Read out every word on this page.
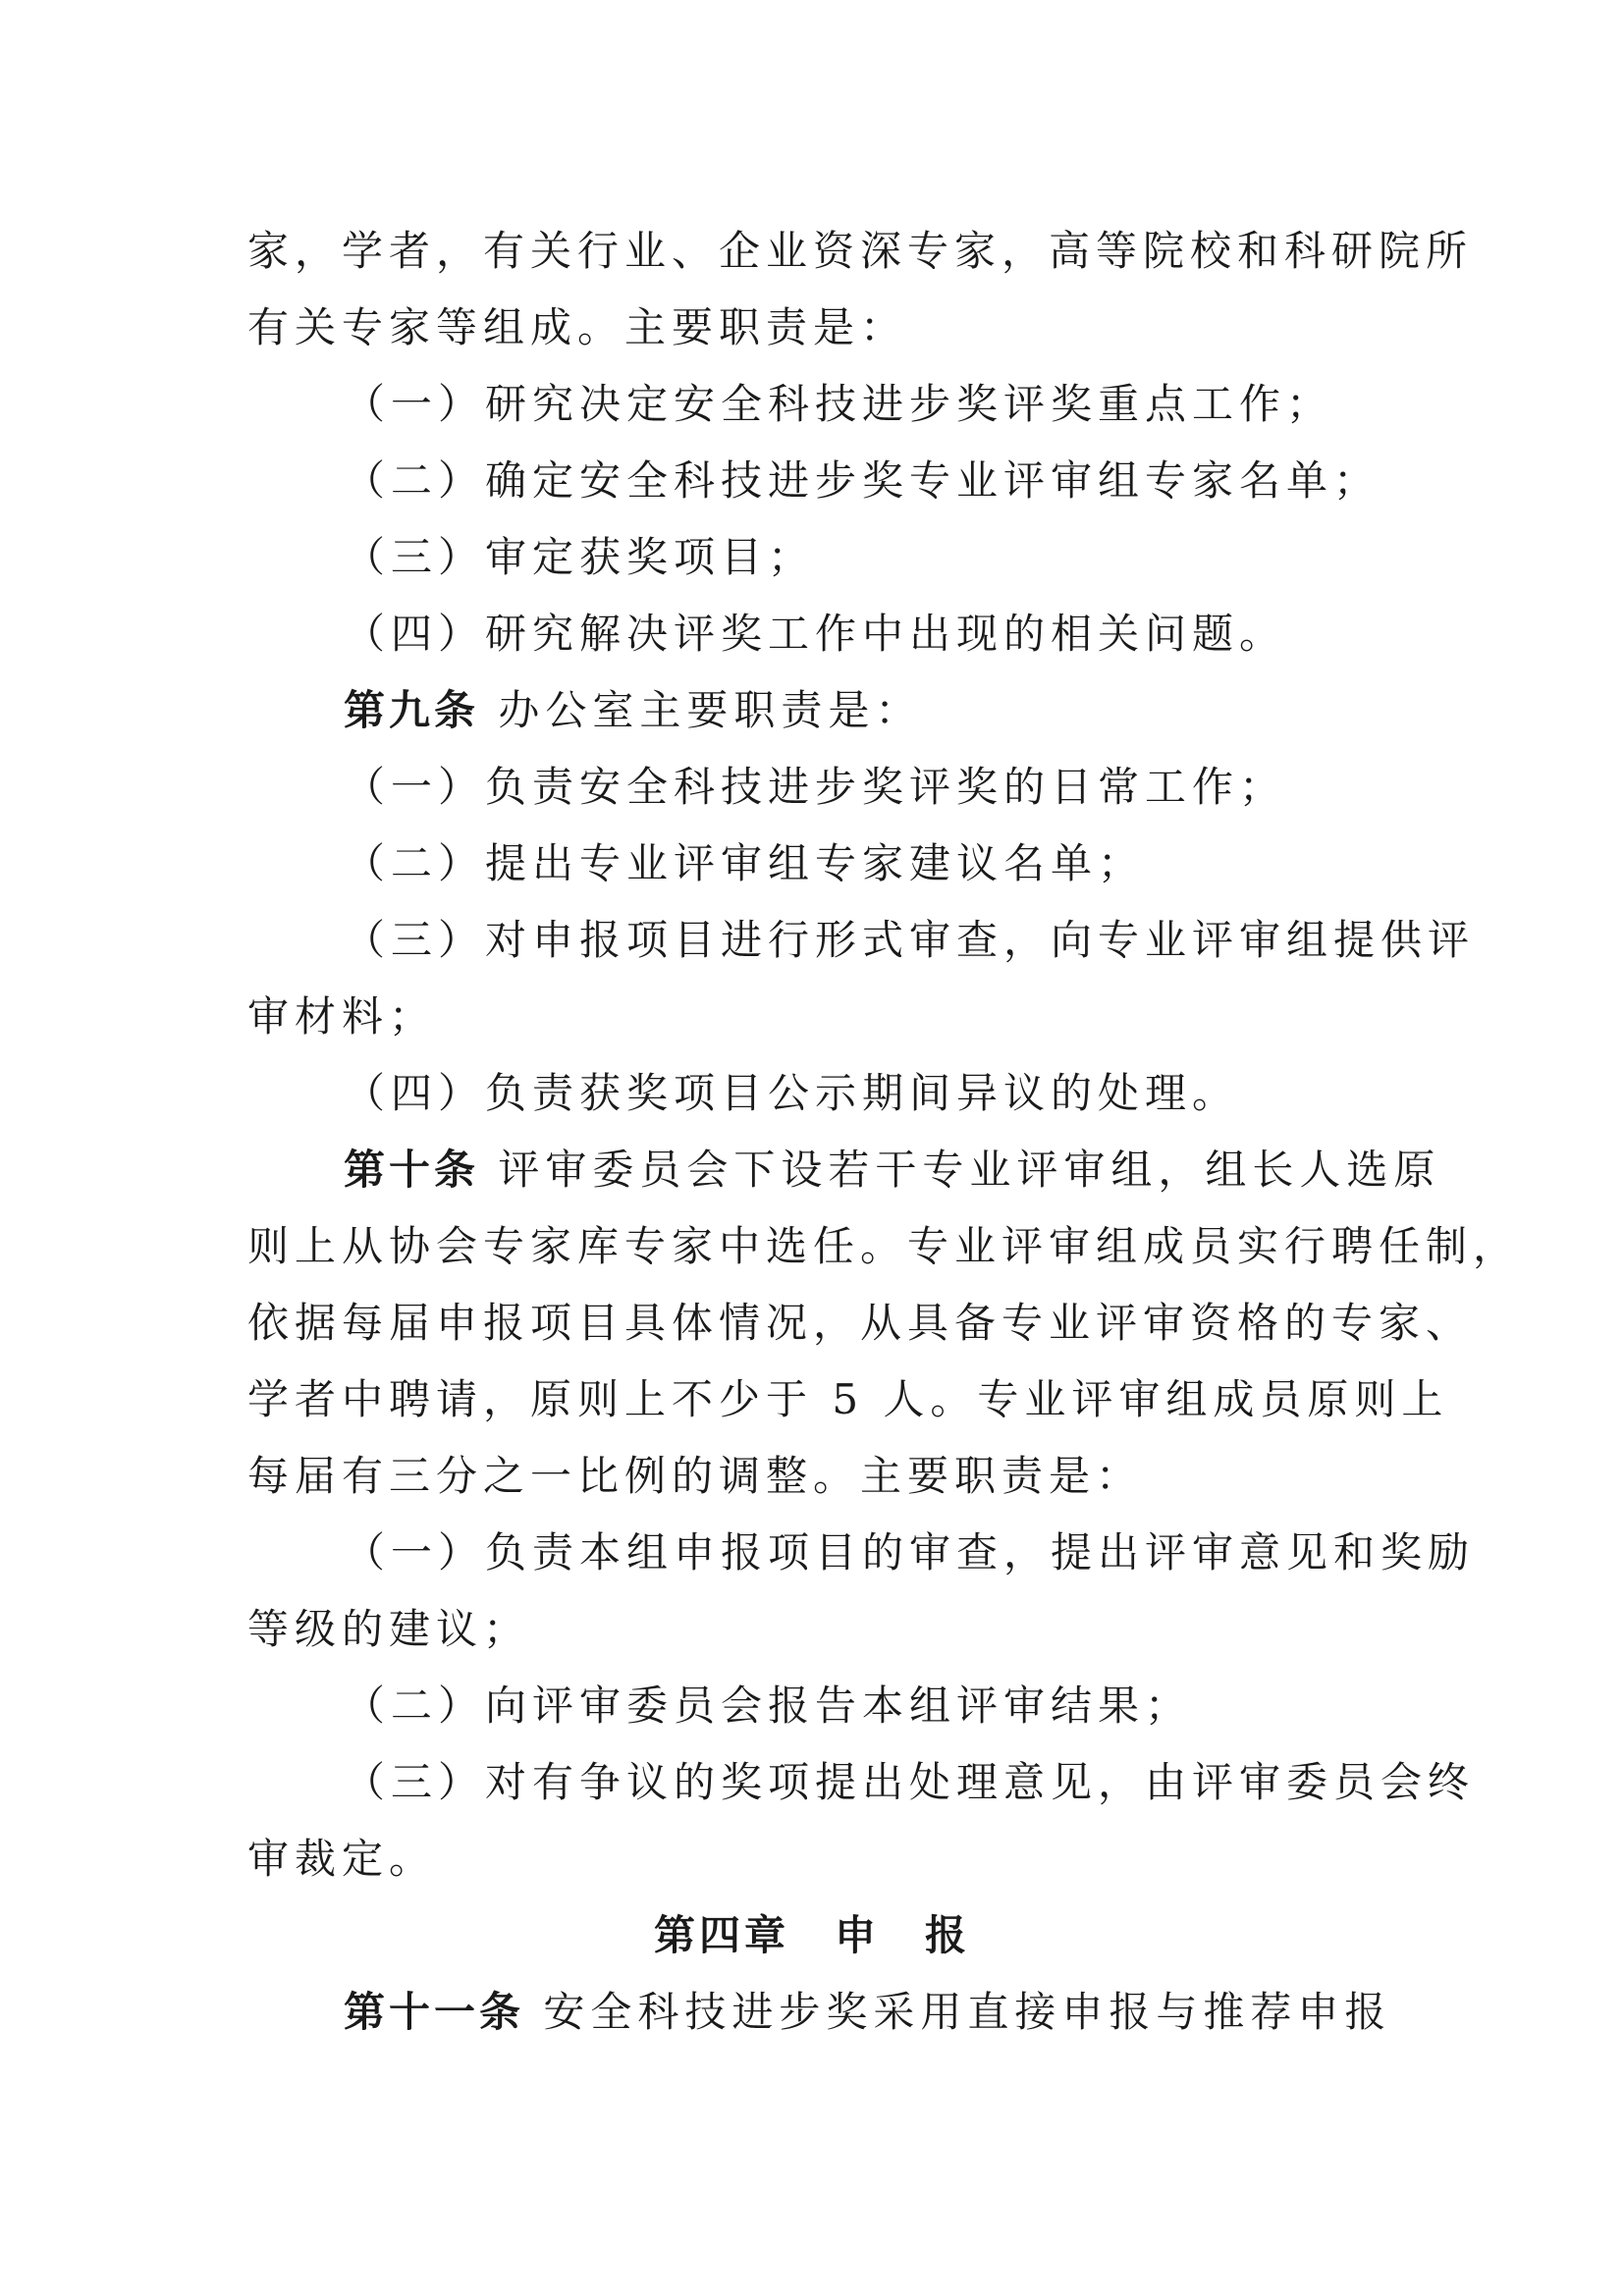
家，学者，有关行业、企业资深专家，高等院校和科研院所
有关专家等组成。主要职责是：
（一）研究决定安全科技进步奖评奖重点工作；
（二）确定安全科技进步奖专业评审组专家名单；
（三）审定获奖项目；
（四）研究解决评奖工作中出现的相关问题。
第九条 办公室主要职责是：
（一）负责安全科技进步奖评奖的日常工作；
（二）提出专业评审组专家建议名单；
（三）对申报项目进行形式审查，向专业评审组提供评
审材料；
（四）负责获奖项目公示期间异议的处理。
第十条 评审委员会下设若干专业评审组，组长人选原
则上从协会专家库专家中选任。专业评审组成员实行聘任制，
依据每届申报项目具体情况，从具备专业评审资格的专家、
学者中聘请，原则上不少于 5 人。专业评审组成员原则上
每届有三分之一比例的调整。主要职责是：
（一）负责本组申报项目的审查，提出评审意见和奖励
等级的建议；
（二）向评审委员会报告本组评审结果；
（三）对有争议的奖项提出处理意见，由评审委员会终
审裁定。
第四章　申　报
第十一条 安全科技进步奖采用直接申报与推荐申报
